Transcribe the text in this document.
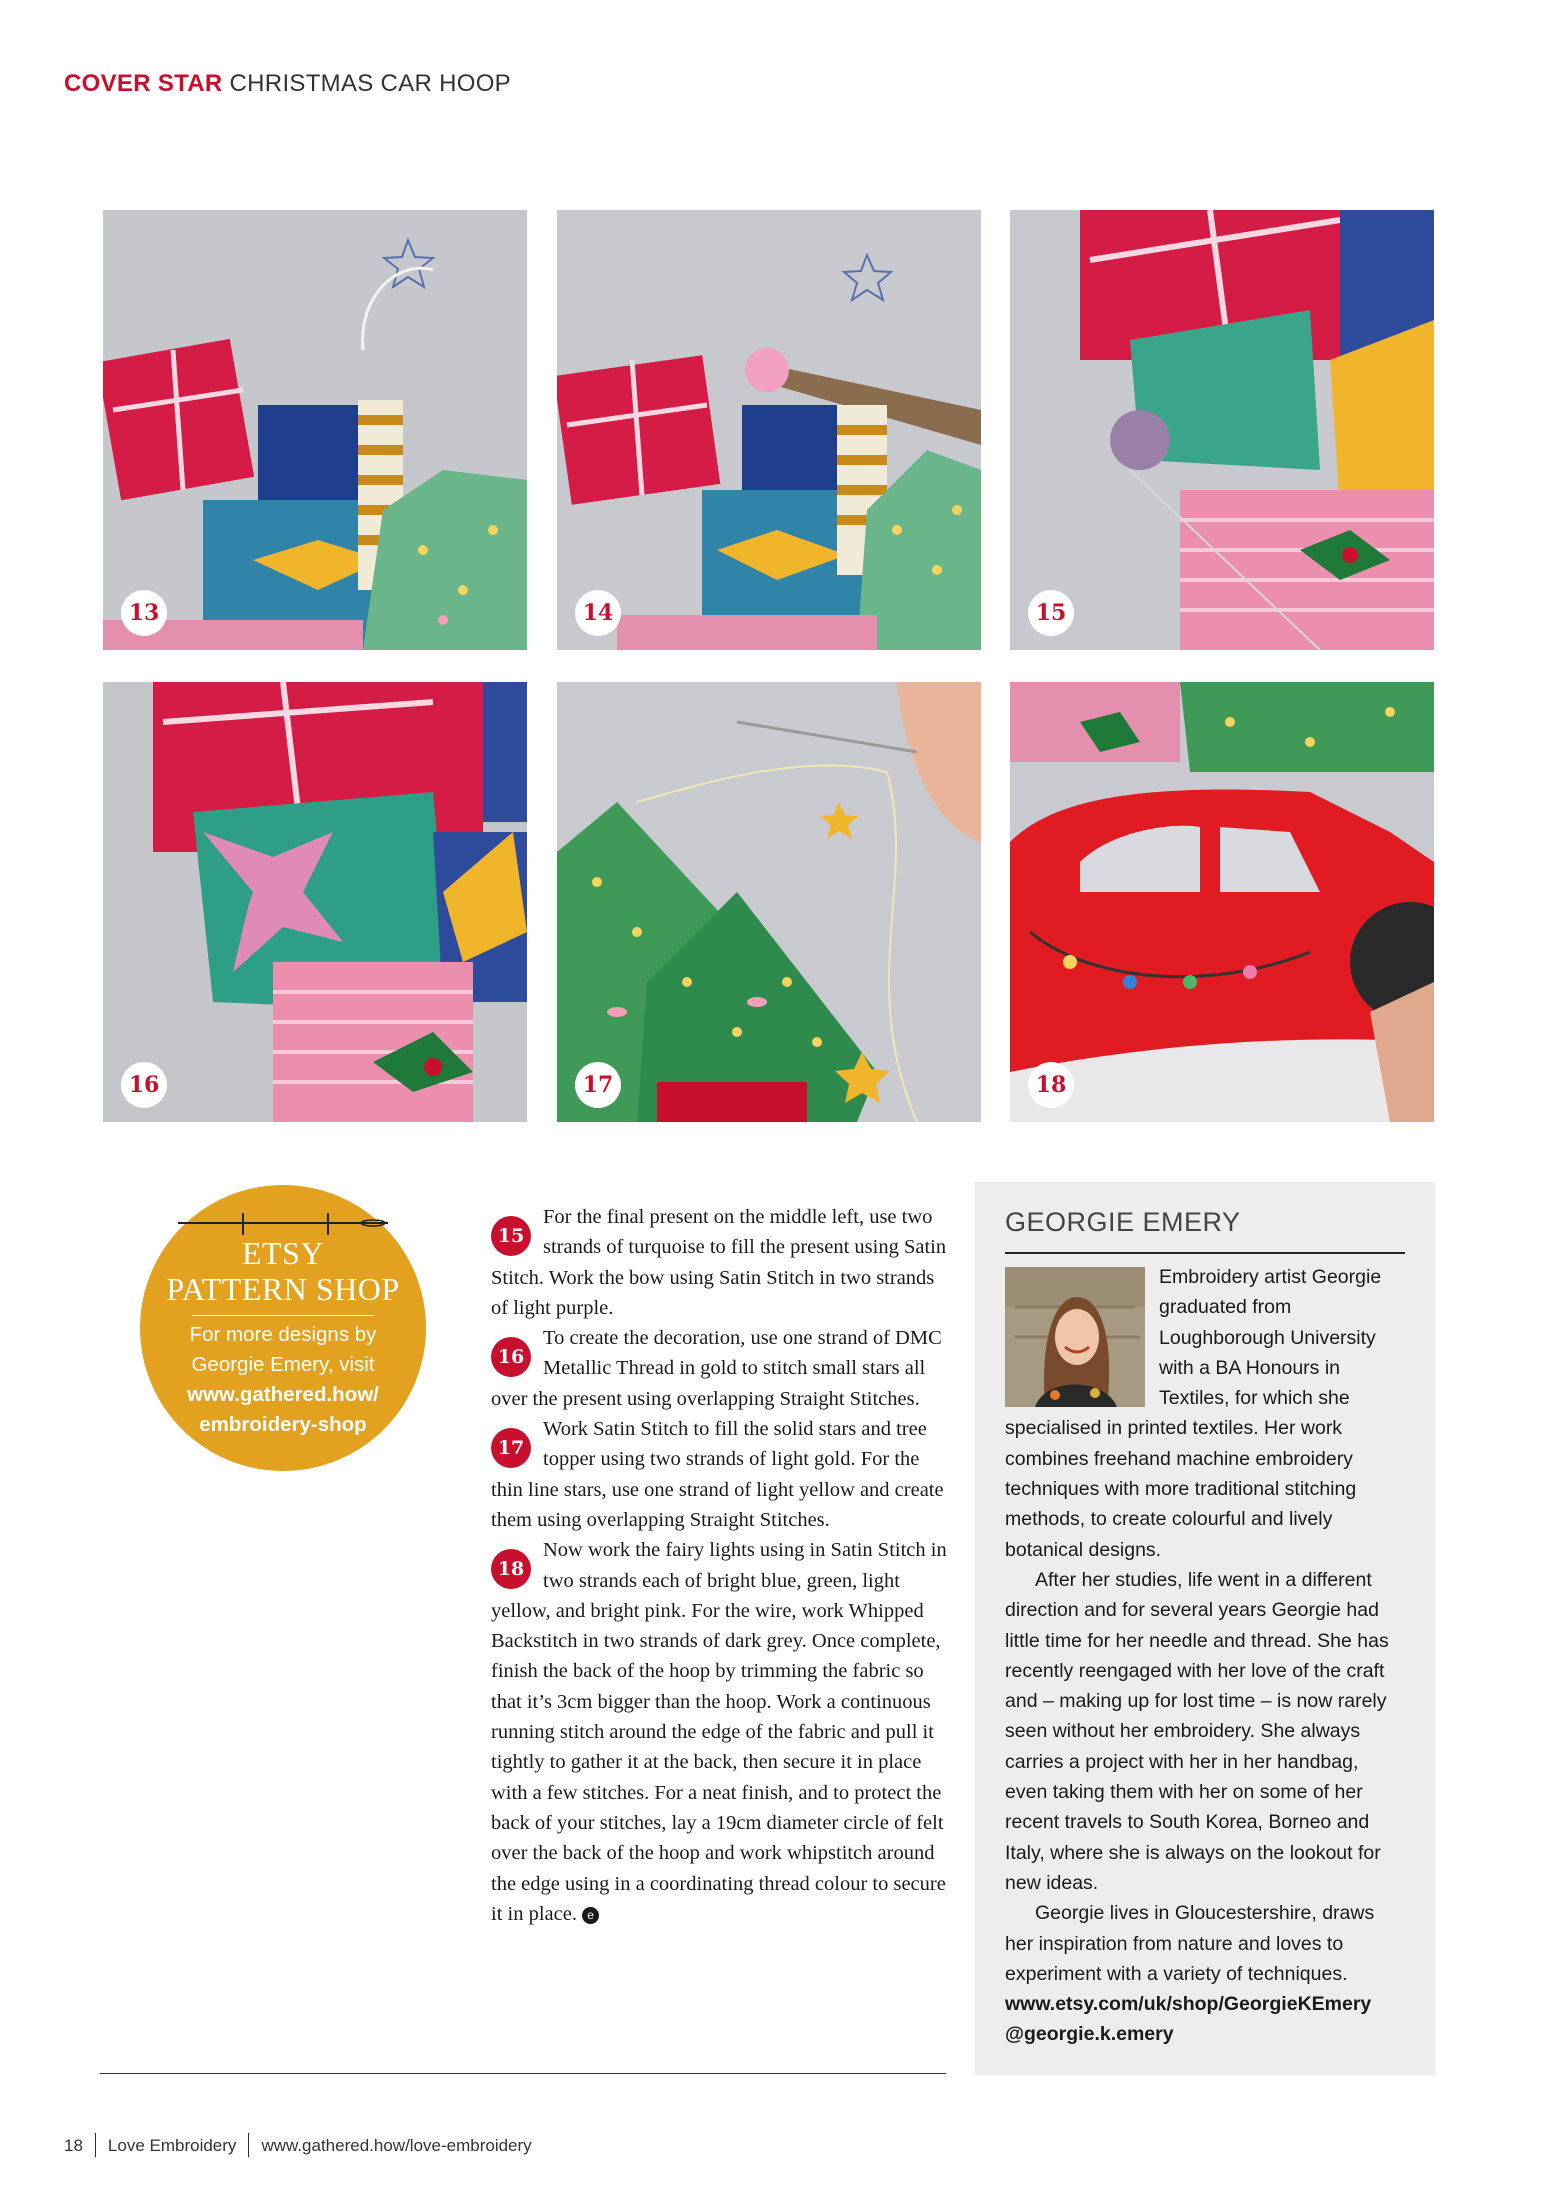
COVER STAR CHRISTMAS CAR HOOP
13	14	15
16	17	18
ETSY
PATTERN SHOP
For more designs by
Georgie Emery, visit
www.gathered.how/
embroidery-shop

15
For the final present on the middle left, use two strands of turquoise to fill the present using Satin Stitch. Work the bow using Satin Stitch in two strands of light purple.

16
To create the decoration, use one strand of DMC Metallic Thread in gold to stitch small stars all over the present using overlapping Straight Stitches.

17
Work Satin Stitch to fill the solid stars and tree topper using two strands of light gold. For the thin line stars, use one strand of light yellow and create them using overlapping Straight Stitches.

18
Now work the fairy lights using in Satin Stitch in two strands each of bright blue, green, light yellow, and bright pink. For the wire, work Whipped Backstitch in two strands of dark grey. Once complete, finish the back of the hoop by trimming the fabric so that it’s 3cm bigger than the hoop. Work a continuous running stitch around the edge of the fabric and pull it tightly to gather it at the back, then secure it in place with a few stitches. For a neat finish, and to protect the back of your stitches, lay a 19cm diameter circle of felt over the back of the hoop and work whipstitch around the edge using in a coordinating thread colour to secure it in place. e

GEORGIE EMERY

Embroidery artist Georgie graduated from Loughborough University with a BA Honours in Textiles, for which she specialised in printed textiles. Her work combines freehand machine embroidery techniques with more traditional stitching methods, to create colourful and lively botanical designs.

After her studies, life went in a different direction and for several years Georgie had little time for her needle and thread. She has recently reengaged with her love of the craft and – making up for lost time – is now rarely seen without her embroidery. She always carries a project with her in her handbag, even taking them with her on some of her recent travels to South Korea, Borneo and Italy, where she is always on the lookout for new ideas.

Georgie lives in Gloucestershire, draws her inspiration from nature and loves to experiment with a variety of techniques.

www.etsy.com/uk/shop/GeorgieKEmery

@georgie.k.emery

18 Love Embroidery www.gathered.how/love-embroidery
